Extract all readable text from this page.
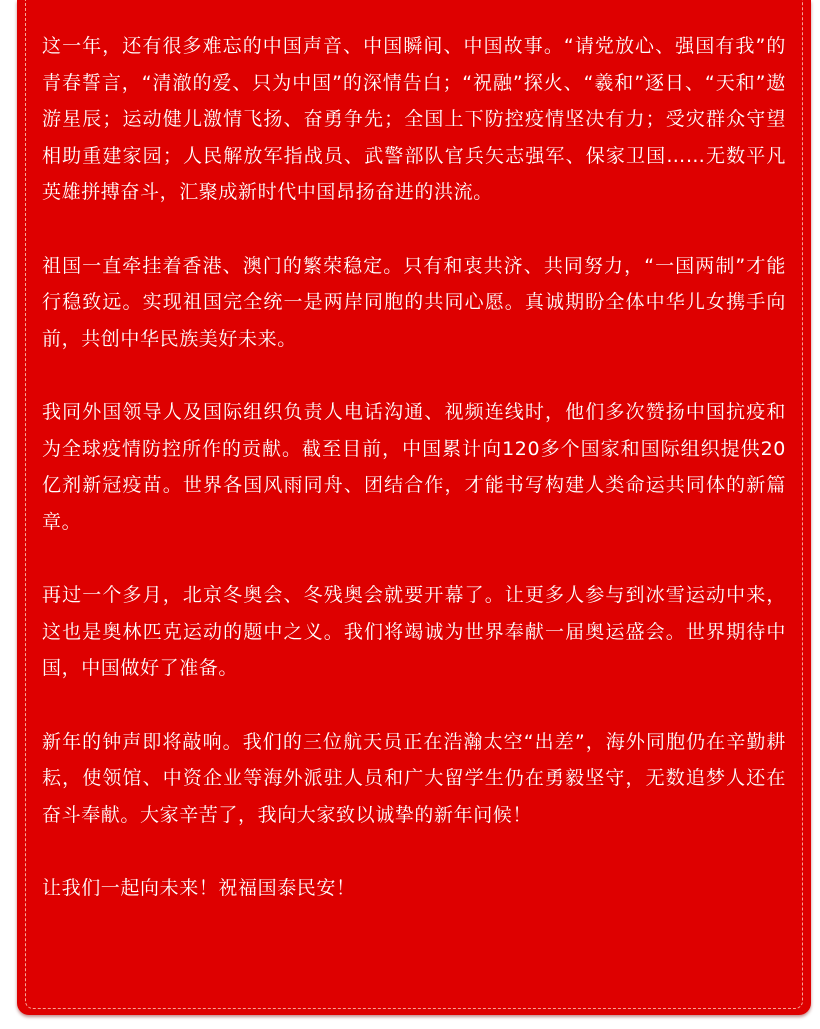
这一年，还有很多难忘的中国声音、中国瞬间、中国故事。“请党放心、强国有我”的青春誓言，“清澈的爱、只为中国”的深情告白；“祝融”探火、“羲和”逐日、“天和”遨游星辰；运动健儿激情飞扬、奋勇争先；全国上下防控疫情坚决有力；受灾群众守望相助重建家园；人民解放军指战员、武警部队官兵矢志强军、保家卫国……无数平凡英雄拼搏奋斗，汇聚成新时代中国昂扬奋进的洪流。

祖国一直牵挂着香港、澳门的繁荣稳定。只有和衷共济、共同努力，“一国两制”才能行稳致远。实现祖国完全统一是两岸同胞的共同心愿。真诚期盼全体中华儿女携手向前，共创中华民族美好未来。

我同外国领导人及国际组织负责人电话沟通、视频连线时，他们多次赞扬中国抗疫和为全球疫情防控所作的贡献。截至目前，中国累计向120多个国家和国际组织提供20亿剂新冠疫苗。世界各国风雨同舟、团结合作，才能书写构建人类命运共同体的新篇章。

再过一个多月，北京冬奥会、冬残奥会就要开幕了。让更多人参与到冰雪运动中来，这也是奥林匹克运动的题中之义。我们将竭诚为世界奉献一届奥运盛会。世界期待中国，中国做好了准备。

新年的钟声即将敲响。我们的三位航天员正在浩瀚太空“出差”，海外同胞仍在辛勤耕耘，使领馆、中资企业等海外派驻人员和广大留学生仍在勇毅坚守，无数追梦人还在奋斗奉献。大家辛苦了，我向大家致以诚挚的新年问候！

让我们一起向未来！祝福国泰民安！
